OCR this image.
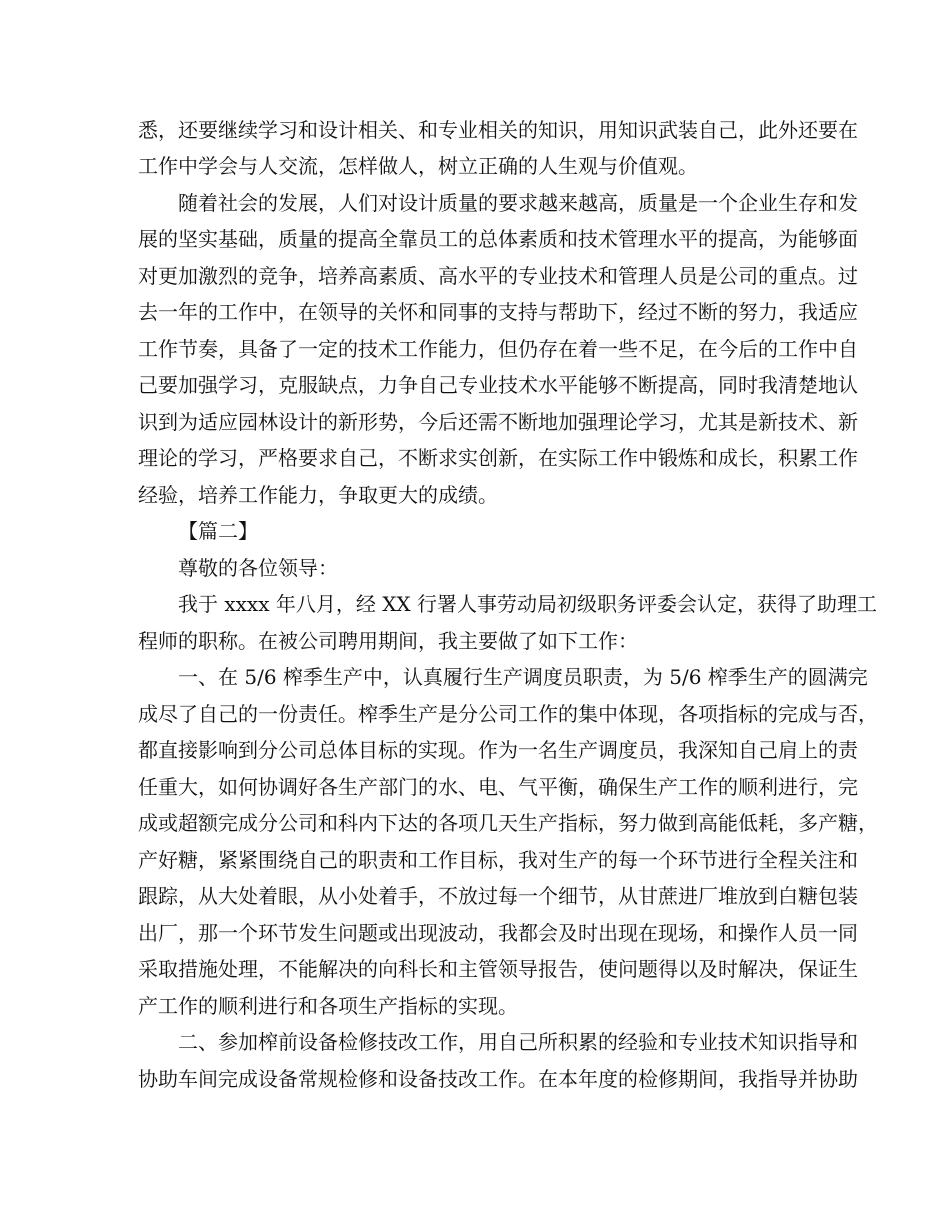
悉，还要继续学习和设计相关、和专业相关的知识，用知识武装自己，此外还要在
工作中学会与人交流，怎样做人，树立正确的人生观与价值观。
随着社会的发展，人们对设计质量的要求越来越高，质量是一个企业生存和发
展的坚实基础，质量的提高全靠员工的总体素质和技术管理水平的提高，为能够面
对更加激烈的竞争，培养高素质、高水平的专业技术和管理人员是公司的重点。过
去一年的工作中，在领导的关怀和同事的支持与帮助下，经过不断的努力，我适应
工作节奏，具备了一定的技术工作能力，但仍存在着一些不足，在今后的工作中自
己要加强学习，克服缺点，力争自己专业技术水平能够不断提高，同时我清楚地认
识到为适应园林设计的新形势，今后还需不断地加强理论学习，尤其是新技术、新
理论的学习，严格要求自己，不断求实创新，在实际工作中锻炼和成长，积累工作
经验，培养工作能力，争取更大的成绩。
【篇二】
尊敬的各位领导：
我于 xxxx 年八月，经 XX 行署人事劳动局初级职务评委会认定，获得了助理工
程师的职称。在被公司聘用期间，我主要做了如下工作：
一、在 5/6 榨季生产中，认真履行生产调度员职责，为 5/6 榨季生产的圆满完
成尽了自己的一份责任。榨季生产是分公司工作的集中体现，各项指标的完成与否，
都直接影响到分公司总体目标的实现。作为一名生产调度员，我深知自己肩上的责
任重大，如何协调好各生产部门的水、电、气平衡，确保生产工作的顺利进行，完
成或超额完成分公司和科内下达的各项几天生产指标，努力做到高能低耗，多产糖，
产好糖，紧紧围绕自己的职责和工作目标，我对生产的每一个环节进行全程关注和
跟踪，从大处着眼，从小处着手，不放过每一个细节，从甘蔗进厂堆放到白糖包装
出厂，那一个环节发生问题或出现波动，我都会及时出现在现场，和操作人员一同
采取措施处理，不能解决的向科长和主管领导报告，使问题得以及时解决，保证生
产工作的顺利进行和各项生产指标的实现。
二、参加榨前设备检修技改工作，用自己所积累的经验和专业技术知识指导和
协助车间完成设备常规检修和设备技改工作。在本年度的检修期间，我指导并协助
